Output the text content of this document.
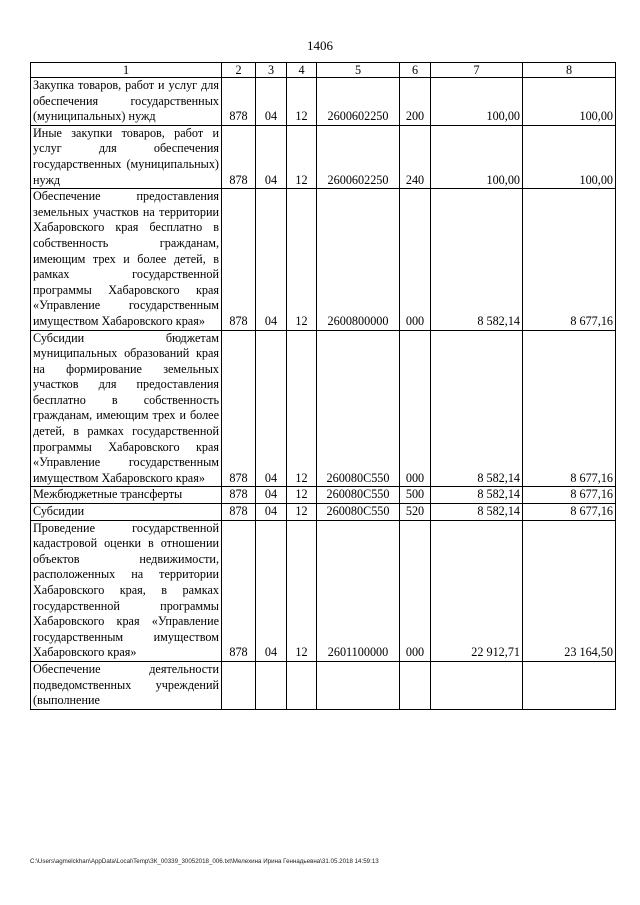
1406
1	2	3	4	5	6	7	8
Закупка товаров, работ и услуг для обеспечения государственных (муниципальных) нужд	878	04	12	2600602250	200	100,00	100,00
Иные закупки товаров, работ и услуг для обеспечения государственных (муниципальных) нужд	878	04	12	2600602250	240	100,00	100,00
Обеспечение предоставления земельных участков на территории Хабаровского края бесплатно в собственность гражданам, имеющим трех и более детей, в рамках государственной программы Хабаровского края «Управление государственным имуществом Хабаровского края»	878	04	12	2600800000	000	8 582,14	8 677,16
Субсидии бюджетам муниципальных образований края на формирование земельных участков для предоставления бесплатно в собственность гражданам, имеющим трех и более детей, в рамках государственной программы Хабаровского края «Управление государственным имуществом Хабаровского края»	878	04	12	260080С550	000	8 582,14	8 677,16
Межбюджетные трансферты	878	04	12	260080С550	500	8 582,14	8 677,16
Субсидии	878	04	12	260080С550	520	8 582,14	8 677,16
Проведение государственной кадастровой оценки в отношении объектов недвижимости, расположенных на территории Хабаровского края, в рамках государственной программы Хабаровского края «Управление государственным имуществом Хабаровского края»	878	04	12	2601100000	000	22 912,71	23 164,50
Обеспечение деятельности подведомственных учреждений (выполнение							
C:\Users\agmelckhan\AppData\Local\Temp\ЗК_00339_30052018_006.txt\Мелехина Ирина Геннадьевна\31.05.2018 14:59:13
